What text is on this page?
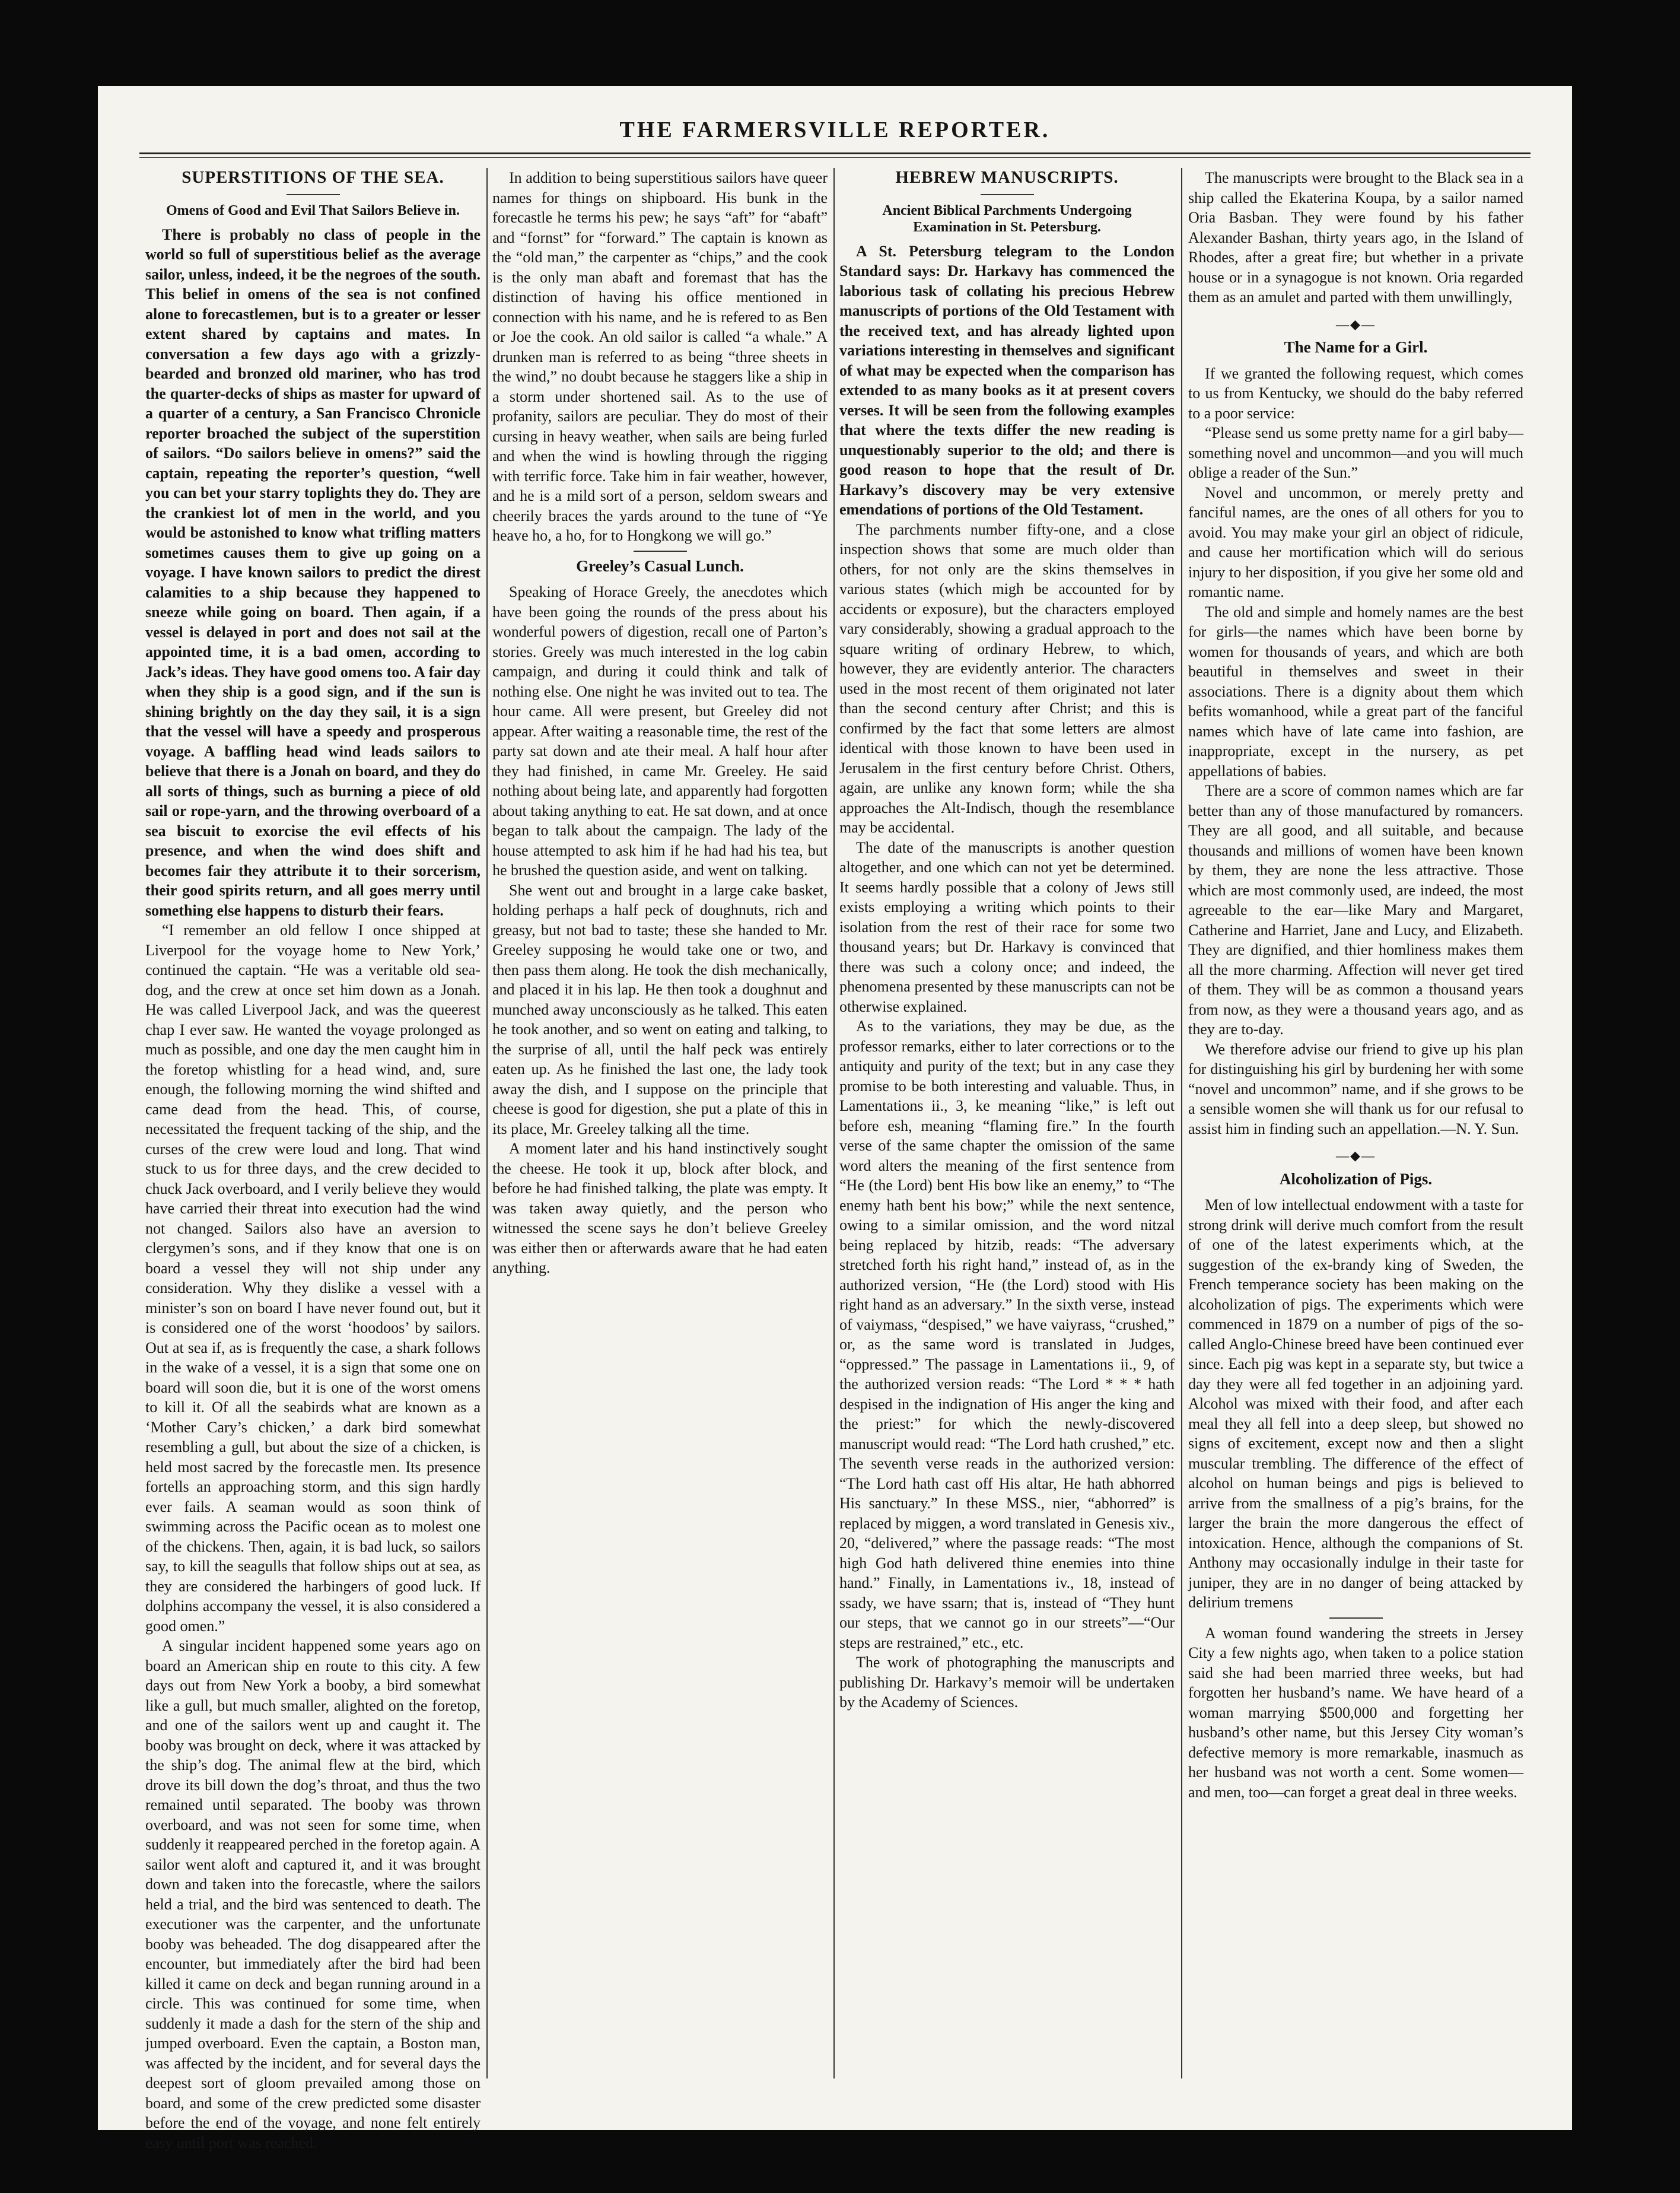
THE FARMERSVILLE REPORTER.
SUPERSTITIONS OF THE SEA.
Omens of Good and Evil That Sailors Believe in.

There is probably no class of people in the world so full of superstitious belief as the average sailor, unless, indeed, it be the negroes of the south. This belief in omens of the sea is not confined alone to forecastlemen, but is to a greater or lesser extent shared by captains and mates. In conversation a few days ago with a grizzly-bearded and bronzed old mariner, who has trod the quarter-decks of ships as master for upward of a quarter of a century, a San Francisco Chronicle reporter broached the subject of the superstition of sailors. “Do sailors believe in omens?” said the captain, repeating the reporter’s question, “well you can bet your starry toplights they do. They are the crankiest lot of men in the world, and you would be astonished to know what trifling matters sometimes causes them to give up going on a voyage. I have known sailors to predict the direst calamities to a ship because they happened to sneeze while going on board. Then again, if a vessel is delayed in port and does not sail at the appointed time, it is a bad omen, according to Jack’s ideas. They have good omens too. A fair day when they ship is a good sign, and if the sun is shining brightly on the day they sail, it is a sign that the vessel will have a speedy and prosperous voyage. A baffling head wind leads sailors to believe that there is a Jonah on board, and they do all sorts of things, such as burning a piece of old sail or rope-yarn, and the throwing overboard of a sea biscuit to exorcise the evil effects of his presence, and when the wind does shift and becomes fair they attribute it to their sorcerism, their good spirits return, and all goes merry until something else happens to disturb their fears.

“I remember an old fellow I once shipped at Liverpool for the voyage home to New York,’ continued the captain. “He was a veritable old sea-dog, and the crew at once set him down as a Jonah. He was called Liverpool Jack, and was the queerest chap I ever saw. He wanted the voyage prolonged as much as possible, and one day the men caught him in the foretop whistling for a head wind, and, sure enough, the following morning the wind shifted and came dead from the head. This, of course, necessitated the frequent tacking of the ship, and the curses of the crew were loud and long. That wind stuck to us for three days, and the crew decided to chuck Jack overboard, and I verily believe they would have carried their threat into execution had the wind not changed. Sailors also have an aversion to clergymen’s sons, and if they know that one is on board a vessel they will not ship under any consideration. Why they dislike a vessel with a minister’s son on board I have never found out, but it is considered one of the worst ‘hoodoos’ by sailors. Out at sea if, as is frequently the case, a shark follows in the wake of a vessel, it is a sign that some one on board will soon die, but it is one of the worst omens to kill it. Of all the seabirds what are known as a ‘Mother Cary’s chicken,’ a dark bird somewhat resembling a gull, but about the size of a chicken, is held most sacred by the forecastle men. Its presence fortells an approaching storm, and this sign hardly ever fails. A seaman would as soon think of swimming across the Pacific ocean as to molest one of the chickens. Then, again, it is bad luck, so sailors say, to kill the seagulls that follow ships out at sea, as they are considered the harbingers of good luck. If dolphins accompany the vessel, it is also considered a good omen.”

A singular incident happened some years ago on board an American ship en route to this city. A few days out from New York a booby, a bird somewhat like a gull, but much smaller, alighted on the foretop, and one of the sailors went up and caught it. The booby was brought on deck, where it was attacked by the ship’s dog. The animal flew at the bird, which drove its bill down the dog’s throat, and thus the two remained until separated. The booby was thrown overboard, and was not seen for some time, when suddenly it reappeared perched in the foretop again. A sailor went aloft and captured it, and it was brought down and taken into the forecastle, where the sailors held a trial, and the bird was sentenced to death. The executioner was the carpenter, and the unfortunate booby was beheaded. The dog disappeared after the encounter, but immediately after the bird had been killed it came on deck and began running around in a circle. This was continued for some time, when suddenly it made a dash for the stern of the ship and jumped overboard. Even the captain, a Boston man, was affected by the incident, and for several days the deepest sort of gloom prevailed among those on board, and some of the crew predicted some disaster before the end of the voyage, and none felt entirely easy until port was reached.

In addition to being superstitious sailors have queer names for things on shipboard. His bunk in the forecastle he terms his pew; he says “aft” for “abaft” and “fornst” for “forward.” The captain is known as the “old man,” the carpenter as “chips,” and the cook is the only man abaft and foremast that has the distinction of having his office mentioned in connection with his name, and he is refered to as Ben or Joe the cook. An old sailor is called “a whale.” A drunken man is referred to as being “three sheets in the wind,” no doubt because he staggers like a ship in a storm under shortened sail. As to the use of profanity, sailors are peculiar. They do most of their cursing in heavy weather, when sails are being furled and when the wind is howling through the rigging with terrific force. Take him in fair weather, however, and he is a mild sort of a person, seldom swears and cheerily braces the yards around to the tune of “Ye heave ho, a ho, for to Hongkong we will go.”

Greeley’s Casual Lunch.

Speaking of Horace Greely, the anecdotes which have been going the rounds of the press about his wonderful powers of digestion, recall one of Parton’s stories. Greely was much interested in the log cabin campaign, and during it could think and talk of nothing else. One night he was invited out to tea. The hour came. All were present, but Greeley did not appear. After waiting a reasonable time, the rest of the party sat down and ate their meal. A half hour after they had finished, in came Mr. Greeley. He said nothing about being late, and apparently had forgotten about taking anything to eat. He sat down, and at once began to talk about the campaign. The lady of the house attempted to ask him if he had had his tea, but he brushed the question aside, and went on talking.

She went out and brought in a large cake basket, holding perhaps a half peck of doughnuts, rich and greasy, but not bad to taste; these she handed to Mr. Greeley supposing he would take one or two, and then pass them along. He took the dish mechanically, and placed it in his lap. He then took a doughnut and munched away unconsciously as he talked. This eaten he took another, and so went on eating and talking, to the surprise of all, until the half peck was entirely eaten up. As he finished the last one, the lady took away the dish, and I suppose on the principle that cheese is good for digestion, she put a plate of this in its place, Mr. Greeley talking all the time.

A moment later and his hand instinctively sought the cheese. He took it up, block after block, and before he had finished talking, the plate was empty. It was taken away quietly, and the person who witnessed the scene says he don’t believe Greeley was either then or afterwards aware that he had eaten anything.

HEBREW MANUSCRIPTS.
Ancient Biblical Parchments Undergoing Examination in St. Petersburg.

A St. Petersburg telegram to the London Standard says: Dr. Harkavy has commenced the laborious task of collating his precious Hebrew manuscripts of portions of the Old Testament with the received text, and has already lighted upon variations interesting in themselves and significant of what may be expected when the comparison has extended to as many books as it at present covers verses. It will be seen from the following examples that where the texts differ the new reading is unquestionably superior to the old; and there is good reason to hope that the result of Dr. Harkavy’s discovery may be very extensive emendations of portions of the Old Testament.

The parchments number fifty-one, and a close inspection shows that some are much older than others, for not only are the skins themselves in various states (which migh be accounted for by accidents or exposure), but the characters employed vary considerably, showing a gradual approach to the square writing of ordinary Hebrew, to which, however, they are evidently anterior. The characters used in the most recent of them originated not later than the second century after Christ; and this is confirmed by the fact that some letters are almost identical with those known to have been used in Jerusalem in the first century before Christ. Others, again, are unlike any known form; while the sha approaches the Alt-Indisch, though the resemblance may be accidental.

The date of the manuscripts is another question altogether, and one which can not yet be determined. It seems hardly possible that a colony of Jews still exists employing a writing which points to their isolation from the rest of their race for some two thousand years; but Dr. Harkavy is convinced that there was such a colony once; and indeed, the phenomena presented by these manuscripts can not be otherwise explained.

As to the variations, they may be due, as the professor remarks, either to later corrections or to the antiquity and purity of the text; but in any case they promise to be both interesting and valuable. Thus, in Lamentations ii., 3, ke meaning “like,” is left out before esh, meaning “flaming fire.” In the fourth verse of the same chapter the omission of the same word alters the meaning of the first sentence from “He (the Lord) bent His bow like an enemy,” to “The enemy hath bent his bow;” while the next sentence, owing to a similar omission, and the word nitzal being replaced by hitzib, reads: “The adversary stretched forth his right hand,” instead of, as in the authorized version, “He (the Lord) stood with His right hand as an adversary.” In the sixth verse, instead of vaiymass, “despised,” we have vaiyrass, “crushed,” or, as the same word is translated in Judges, “oppressed.” The passage in Lamentations ii., 9, of the authorized version reads: “The Lord * * * hath despised in the indignation of His anger the king and the priest:” for which the newly-discovered manuscript would read: “The Lord hath crushed,” etc. The seventh verse reads in the authorized version: “The Lord hath cast off His altar, He hath abhorred His sanctuary.” In these MSS., nier, “abhorred” is replaced by miggen, a word translated in Genesis xiv., 20, “delivered,” where the passage reads: “The most high God hath delivered thine enemies into thine hand.” Finally, in Lamentations iv., 18, instead of ssady, we have ssarn; that is, instead of “They hunt our steps, that we cannot go in our streets”—“Our steps are restrained,” etc., etc.

The work of photographing the manuscripts and publishing Dr. Harkavy’s memoir will be undertaken by the Academy of Sciences.

The manuscripts were brought to the Black sea in a ship called the Ekaterina Koupa, by a sailor named Oria Basban. They were found by his father Alexander Bashan, thirty years ago, in the Island of Rhodes, after a great fire; but whether in a private house or in a synagogue is not known. Oria regarded them as an amulet and parted with them unwillingly,

—◆—
The Name for a Girl.

If we granted the following request, which comes to us from Kentucky, we should do the baby referred to a poor service:

“Please send us some pretty name for a girl baby—something novel and uncommon—and you will much oblige a reader of the Sun.”

Novel and uncommon, or merely pretty and fanciful names, are the ones of all others for you to avoid. You may make your girl an object of ridicule, and cause her mortification which will do serious injury to her disposition, if you give her some old and romantic name.

The old and simple and homely names are the best for girls—the names which have been borne by women for thousands of years, and which are both beautiful in themselves and sweet in their associations. There is a dignity about them which befits womanhood, while a great part of the fanciful names which have of late came into fashion, are inappropriate, except in the nursery, as pet appellations of babies.

There are a score of common names which are far better than any of those manufactured by romancers. They are all good, and all suitable, and because thousands and millions of women have been known by them, they are none the less attractive. Those which are most commonly used, are indeed, the most agreeable to the ear—like Mary and Margaret, Catherine and Harriet, Jane and Lucy, and Elizabeth. They are dignified, and thier homliness makes them all the more charming. Affection will never get tired of them. They will be as common a thousand years from now, as they were a thousand years ago, and as they are to-day.

We therefore advise our friend to give up his plan for distinguishing his girl by burdening her with some “novel and uncommon” name, and if she grows to be a sensible women she will thank us for our refusal to assist him in finding such an appellation.—N. Y. Sun.

—◆—
Alcoholization of Pigs.

Men of low intellectual endowment with a taste for strong drink will derive much comfort from the result of one of the latest experiments which, at the suggestion of the ex-brandy king of Sweden, the French temperance society has been making on the alcoholization of pigs. The experiments which were commenced in 1879 on a number of pigs of the so-called Anglo-Chinese breed have been continued ever since. Each pig was kept in a separate sty, but twice a day they were all fed together in an adjoining yard. Alcohol was mixed with their food, and after each meal they all fell into a deep sleep, but showed no signs of excitement, except now and then a slight muscular trembling. The difference of the effect of alcohol on human beings and pigs is believed to arrive from the smallness of a pig’s brains, for the larger the brain the more dangerous the effect of intoxication. Hence, although the companions of St. Anthony may occasionally indulge in their taste for juniper, they are in no danger of being attacked by delirium tremens

A woman found wandering the streets in Jersey City a few nights ago, when taken to a police station said she had been married three weeks, but had forgotten her husband’s name. We have heard of a woman marrying $500,000 and forgetting her husband’s other name, but this Jersey City woman’s defective memory is more remarkable, inasmuch as her husband was not worth a cent. Some women—and men, too—can forget a great deal in three weeks.
